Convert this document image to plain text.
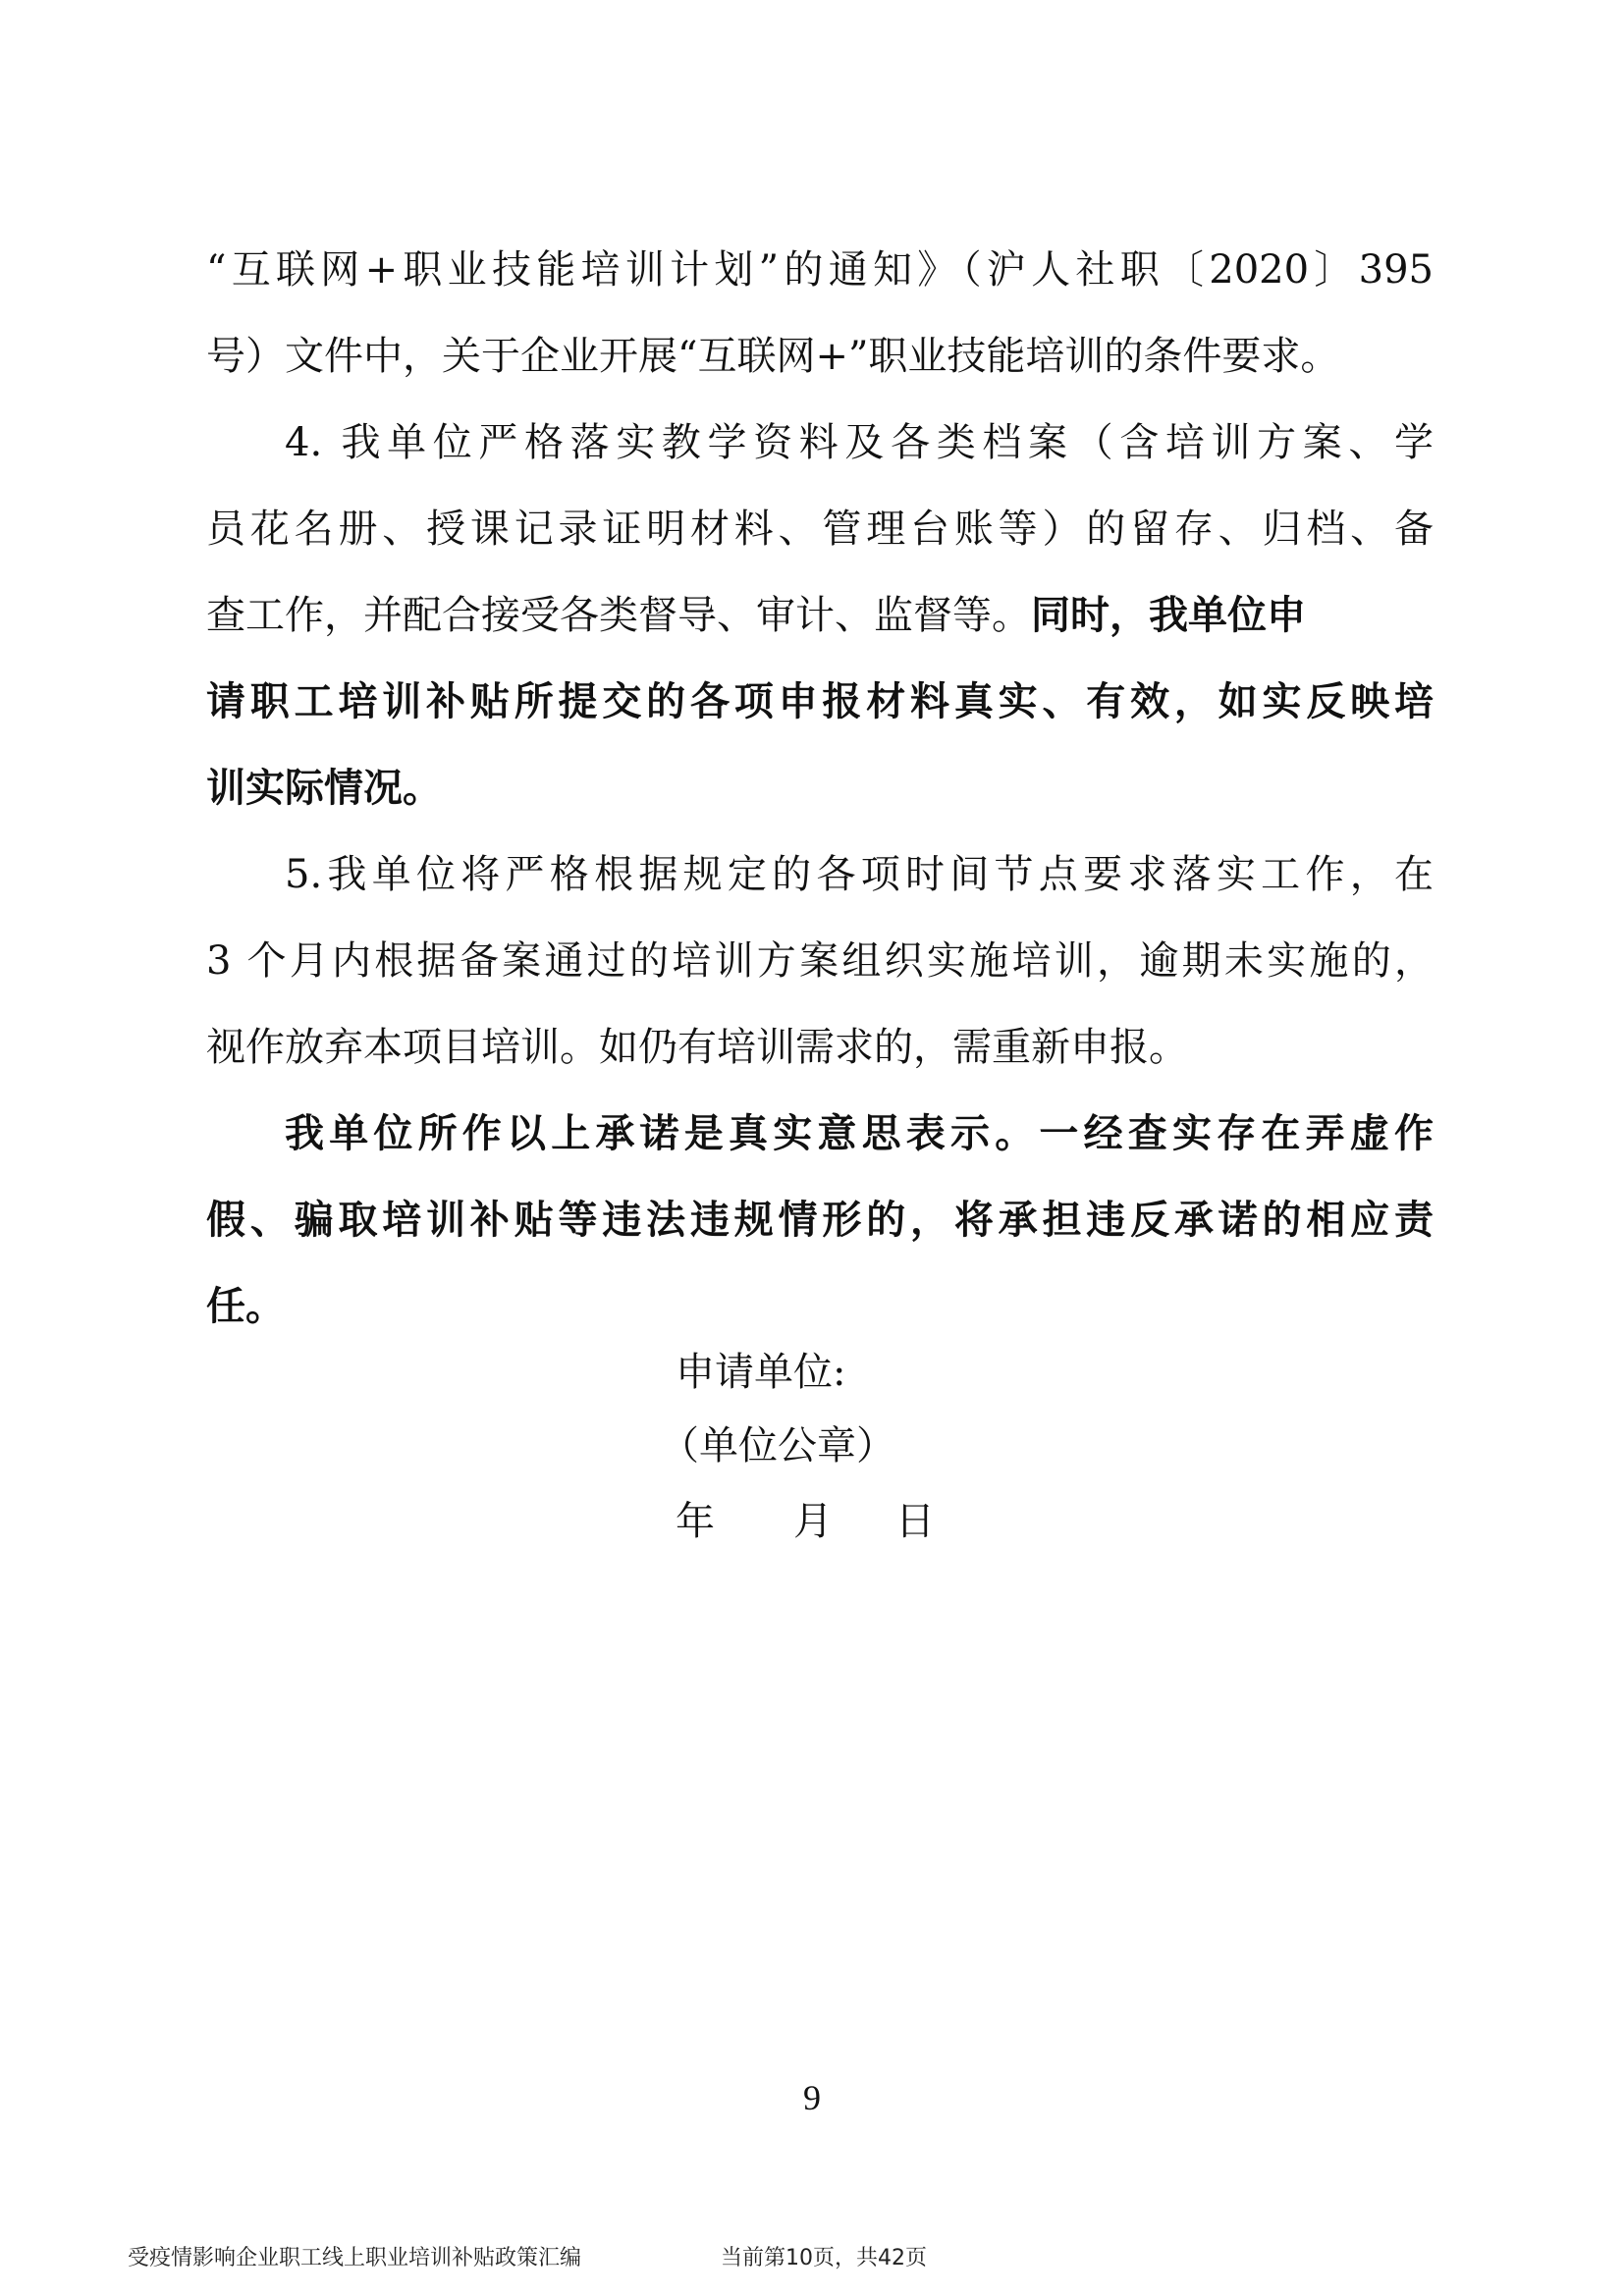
“互联网+职业技能培训计划”的通知》（沪人社职〔2020〕395
号）文件中，关于企业开展“互联网+”职业技能培训的条件要求。
4. 我单位严格落实教学资料及各类档案（含培训方案、学
员花名册、授课记录证明材料、管理台账等）的留存、归档、备
查工作，并配合接受各类督导、审计、监督等。同时，我单位申
请职工培训补贴所提交的各项申报材料真实、有效，如实反映培
训实际情况。
5.我单位将严格根据规定的各项时间节点要求落实工作，在
3 个月内根据备案通过的培训方案组织实施培训，逾期未实施的，
视作放弃本项目培训。如仍有培训需求的，需重新申报。
我单位所作以上承诺是真实意思表示。一经查实存在弄虚作
假、骗取培训补贴等违法违规情形的，将承担违反承诺的相应责
任。
申请单位:
（单位公章）
年 月 日
9
受疫情影响企业职工线上职业培训补贴政策汇编	当前第10页，共42页
